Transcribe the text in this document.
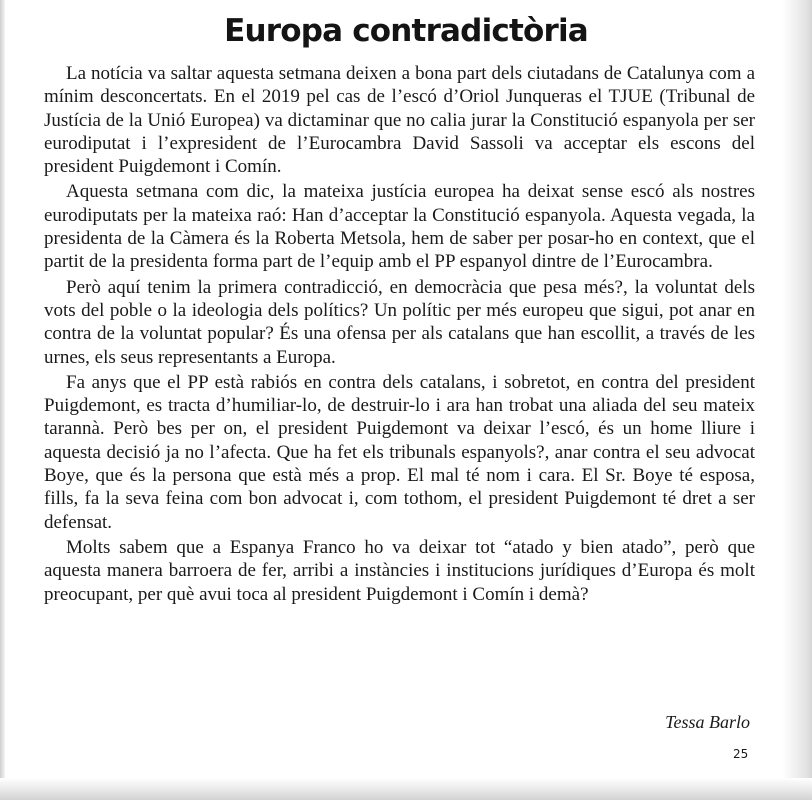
Europa contradictòria

La notícia va saltar aquesta setmana deixen a bona part dels ciutadans de Catalunya com a mínim desconcertats. En el 2019 pel cas de l’escó d’Oriol Junqueras el TJUE (Tribunal de Justícia de la Unió Europea) va dictaminar que no calia jurar la Constitució espanyola per ser eurodiputat i l’expresident de l’Eurocambra David Sassoli va acceptar els escons del president Puigdemont i Comín.

Aquesta setmana com dic, la mateixa justícia europea ha deixat sense escó als nostres eurodiputats per la mateixa raó: Han d’acceptar la Constitució espanyola. Aquesta vegada, la presidenta de la Càmera és la Roberta Metsola, hem de saber per posar-ho en context, que el partit de la presidenta forma part de l’equip amb el PP espanyol dintre de l’Eurocambra.

Però aquí tenim la primera contradicció, en democràcia que pesa més?, la voluntat dels vots del poble o la ideologia dels polítics? Un polític per més europeu que sigui, pot anar en contra de la voluntat popular? És una ofensa per als catalans que han escollit, a través de les urnes, els seus representants a Europa.

Fa anys que el PP està rabiós en contra dels catalans, i sobretot, en contra del president Puigdemont, es tracta d’humiliar-lo, de destruir-lo i ara han trobat una aliada del seu mateix tarannà. Però bes per on, el president Puigdemont va deixar l’escó, és un home lliure i aquesta decisió ja no l’afecta. Que ha fet els tribunals espanyols?, anar contra el seu advocat Boye, que és la persona que està més a prop. El mal té nom i cara. El Sr. Boye té esposa, fills, fa la seva feina com bon advocat i, com tothom, el president Puigdemont té dret a ser defensat.

Molts sabem que a Espanya Franco ho va deixar tot “atado y bien atado”, però que aquesta manera barroera de fer, arribi a instàncies i institucions jurídiques d’Europa és molt preocupant, per què avui toca al president Puigdemont i Comín i demà?

Tessa Barlo
25
